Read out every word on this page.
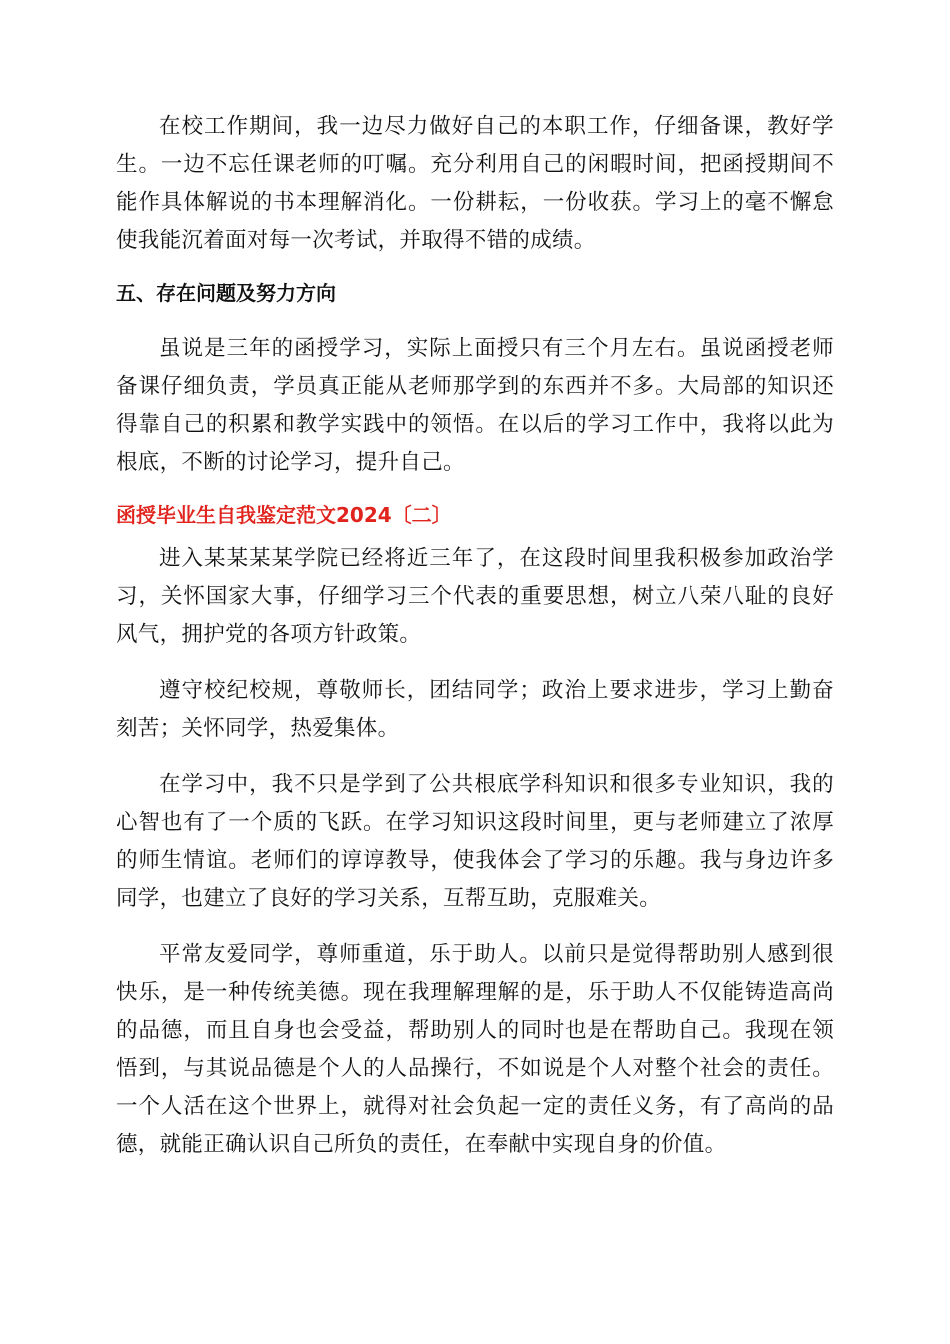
在校工作期间，我一边尽力做好自己的本职工作，仔细备课，教好学生。一边不忘任课老师的叮嘱。充分利用自己的闲暇时间，把函授期间不能作具体解说的书本理解消化。一份耕耘，一份收获。学习上的毫不懈怠使我能沉着面对每一次考试，并取得不错的成绩。

五、存在问题及努力方向

虽说是三年的函授学习，实际上面授只有三个月左右。虽说函授老师备课仔细负责，学员真正能从老师那学到的东西并不多。大局部的知识还得靠自己的积累和教学实践中的领悟。在以后的学习工作中，我将以此为根底，不断的讨论学习，提升自己。

函授毕业生自我鉴定范文2024〔二〕

进入某某某某学院已经将近三年了，在这段时间里我积极参加政治学习，关怀国家大事，仔细学习三个代表的重要思想，树立八荣八耻的良好风气，拥护党的各项方针政策。

遵守校纪校规，尊敬师长，团结同学；政治上要求进步，学习上勤奋刻苦；关怀同学，热爱集体。

在学习中，我不只是学到了公共根底学科知识和很多专业知识，我的心智也有了一个质的飞跃。在学习知识这段时间里，更与老师建立了浓厚的师生情谊。老师们的谆谆教导，使我体会了学习的乐趣。我与身边许多同学，也建立了良好的学习关系，互帮互助，克服难关。

平常友爱同学，尊师重道，乐于助人。以前只是觉得帮助别人感到很快乐，是一种传统美德。现在我理解理解的是，乐于助人不仅能铸造高尚的品德，而且自身也会受益，帮助别人的同时也是在帮助自己。我现在领悟到，与其说品德是个人的人品操行，不如说是个人对整个社会的责任。一个人活在这个世界上，就得对社会负起一定的责任义务，有了高尚的品德，就能正确认识自己所负的责任，在奉献中实现自身的价值。
